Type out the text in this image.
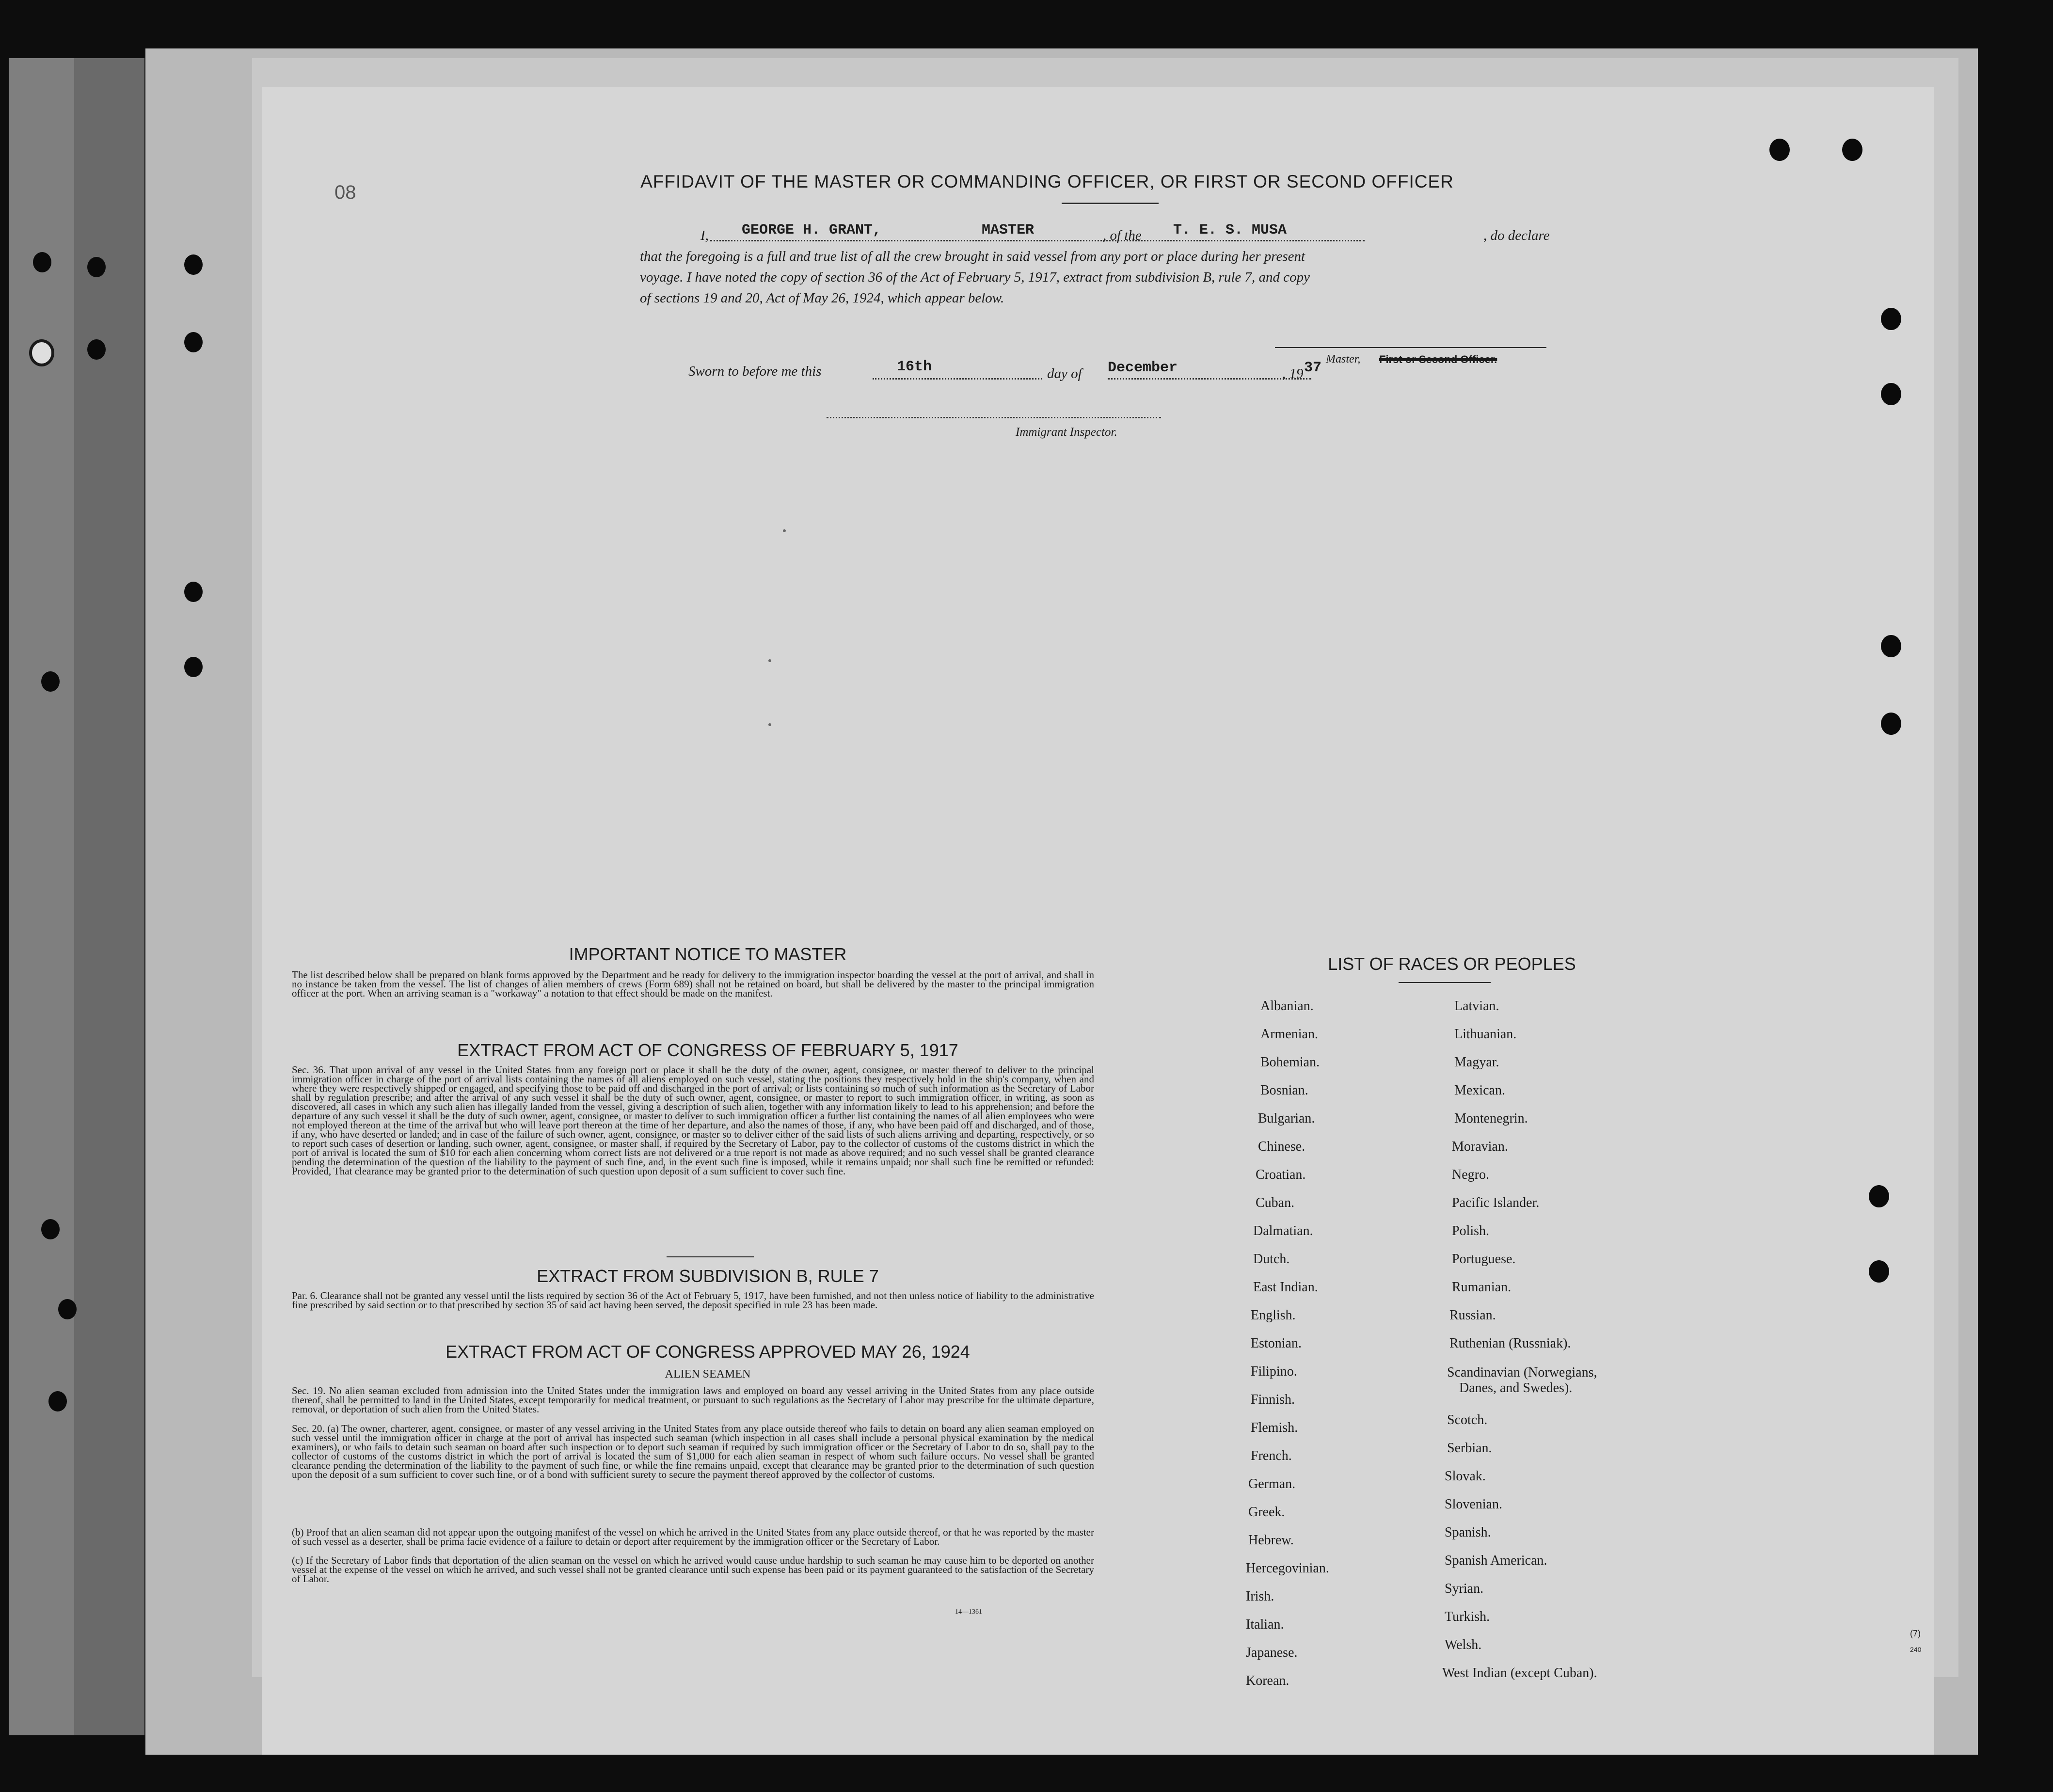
08
(7)
240
AFFIDAVIT OF THE MASTER OR COMMANDING OFFICER, OR FIRST OR SECOND OFFICER
I, GEORGE H. GRANT,	MASTER	, of the T. E. S. MUSA	, do declare
that the foregoing is a full and true list of all the crew brought in said vessel from any port or place during her present
voyage. I have noted the copy of section 36 of the Act of February 5, 1917, extract from subdivision B, rule 7, and copy
of sections 19 and 20, Act of May 26, 1924, which appear below.
Master, First or Second Officer.
Sworn to before me this	16th	day of December	, 19 37
Immigrant Inspector.
IMPORTANT NOTICE TO MASTER
The list described below shall be prepared on blank forms approved by the Department and be ready for delivery to the immigration inspector boarding the vessel at the port of arrival, and shall in no instance be taken from the vessel. The list of changes of alien members of crews (Form 689) shall not be retained on board, but shall be delivered by the master to the principal immigration officer at the port. When an arriving seaman is a "workaway" a notation to that effect should be made on the manifest.
EXTRACT FROM ACT OF CONGRESS OF FEBRUARY 5, 1917
Sec. 36. That upon arrival of any vessel in the United States from any foreign port or place it shall be the duty of the owner, agent, consignee, or master thereof to deliver to the principal immigration officer in charge of the port of arrival lists containing the names of all aliens employed on such vessel, stating the positions they respectively hold in the ship's company, when and where they were respectively shipped or engaged, and specifying those to be paid off and discharged in the port of arrival; or lists containing so much of such information as the Secretary of Labor shall by regulation prescribe; and after the arrival of any such vessel it shall be the duty of such owner, agent, consignee, or master to report to such immigration officer, in writing, as soon as discovered, all cases in which any such alien has illegally landed from the vessel, giving a description of such alien, together with any information likely to lead to his apprehension; and before the departure of any such vessel it shall be the duty of such owner, agent, consignee, or master to deliver to such immigration officer a further list containing the names of all alien employees who were not employed thereon at the time of the arrival but who will leave port thereon at the time of her departure, and also the names of those, if any, who have been paid off and discharged, and of those, if any, who have deserted or landed; and in case of the failure of such owner, agent, consignee, or master so to deliver either of the said lists of such aliens arriving and departing, respectively, or so to report such cases of desertion or landing, such owner, agent, consignee, or master shall, if required by the Secretary of Labor, pay to the collector of customs of the customs district in which the port of arrival is located the sum of $10 for each alien concerning whom correct lists are not delivered or a true report is not made as above required; and no such vessel shall be granted clearance pending the determination of the question of the liability to the payment of such fine, and, in the event such fine is imposed, while it remains unpaid; nor shall such fine be remitted or refunded: Provided, That clearance may be granted prior to the determination of such question upon deposit of a sum sufficient to cover such fine.
EXTRACT FROM SUBDIVISION B, RULE 7
Par. 6. Clearance shall not be granted any vessel until the lists required by section 36 of the Act of February 5, 1917, have been furnished, and not then unless notice of liability to the administrative fine prescribed by said section or to that prescribed by section 35 of said act having been served, the deposit specified in rule 23 has been made.
EXTRACT FROM ACT OF CONGRESS APPROVED MAY 26, 1924
ALIEN SEAMEN
Sec. 19. No alien seaman excluded from admission into the United States under the immigration laws and employed on board any vessel arriving in the United States from any place outside thereof, shall be permitted to land in the United States, except temporarily for medical treatment, or pursuant to such regulations as the Secretary of Labor may prescribe for the ultimate departure, removal, or deportation of such alien from the United States.
Sec. 20. (a) The owner, charterer, agent, consignee, or master of any vessel arriving in the United States from any place outside thereof who fails to detain on board any alien seaman employed on such vessel until the immigration officer in charge at the port of arrival has inspected such seaman (which inspection in all cases shall include a personal physical examination by the medical examiners), or who fails to detain such seaman on board after such inspection or to deport such seaman if required by such immigration officer or the Secretary of Labor to do so, shall pay to the collector of customs of the customs district in which the port of arrival is located the sum of $1,000 for each alien seaman in respect of whom such failure occurs. No vessel shall be granted clearance pending the determination of the liability to the payment of such fine, or while the fine remains unpaid, except that clearance may be granted prior to the determination of such question upon the deposit of a sum sufficient to cover such fine, or of a bond with sufficient surety to secure the payment thereof approved by the collector of customs.
(b) Proof that an alien seaman did not appear upon the outgoing manifest of the vessel on which he arrived in the United States from any place outside thereof, or that he was reported by the master of such vessel as a deserter, shall be prima facie evidence of a failure to detain or deport after requirement by the immigration officer or the Secretary of Labor.
(c) If the Secretary of Labor finds that deportation of the alien seaman on the vessel on which he arrived would cause undue hardship to such seaman he may cause him to be deported on another vessel at the expense of the vessel on which he arrived, and such vessel shall not be granted clearance until such expense has been paid or its payment guaranteed to the satisfaction of the Secretary of Labor.
14—1361
LIST OF RACES OR PEOPLES
Albanian.
Armenian.
Bohemian.
Bosnian.
Bulgarian.
Chinese.
Croatian.
Cuban.
Dalmatian.
Dutch.
East Indian.
English.
Estonian.
Filipino.
Finnish.
Flemish.
French.
German.
Greek.
Hebrew.
Hercegovinian.
Irish.
Italian.
Japanese.
Korean.
Latvian.
Lithuanian.
Magyar.
Mexican.
Montenegrin.
Moravian.
Negro.
Pacific Islander.
Polish.
Portuguese.
Rumanian.
Russian.
Ruthenian (Russniak).
Scandinavian (Norwegians,
Danes, and Swedes).
Scotch.
Serbian.
Slovak.
Slovenian.
Spanish.
Spanish American.
Syrian.
Turkish.
Welsh.
West Indian (except Cuban).
